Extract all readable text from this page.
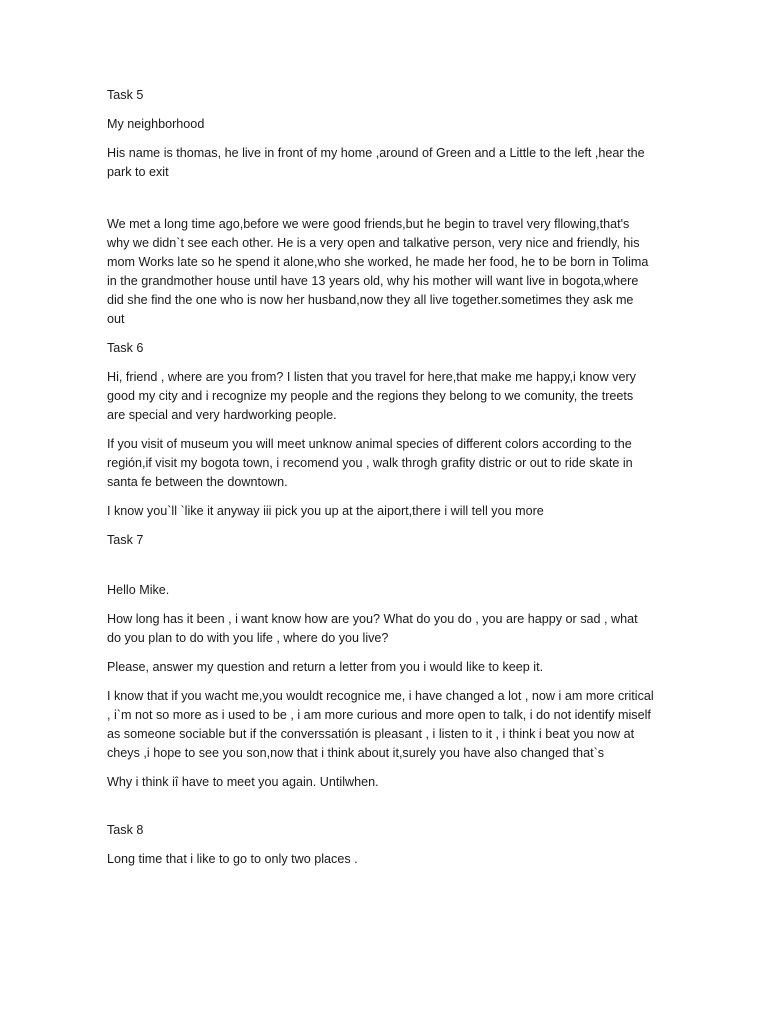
Task 5
My neighborhood
His name is thomas, he live in front of my home ,around of Green and a Little to the left ,hear the
park to exit
We met a long time ago,before we were good friends,but he begin to travel very fllowing,that's
why we didn`t see each other. He is a very open and talkative person, very nice and friendly, his
mom Works late so he spend it alone,who she worked, he made her food, he to be born in Tolima
in the grandmother house until have 13 years old, why his mother will want live in bogota,where
did she find the one who is now her husband,now they all live together.sometimes they ask me
out
Task 6
Hi, friend , where are you from? I listen that you travel for here,that make me happy,i know very
good my city and i recognize my people and the regions they belong to we comunity, the treets
are special and very hardworking people.
If you visit of museum you will meet unknow animal species of different colors according to the
región,if visit my bogota town, i recomend you , walk throgh grafity distric or out to ride skate in
santa fe between the downtown.
I know you`ll `like it anyway iii pick you up at the aiport,there i will tell you more
Task 7
Hello Mike.
How long has it been , i want know how are you? What do you do , you are happy or sad , what
do you plan to do with you life , where do you live?
Please, answer my question and return a letter from you i would like to keep it.
I know that if you wacht me,you wouldt recognice me, i have changed a lot , now i am more critical
, i`m not so more as i used to be , i am more curious and more open to talk, i do not identify miself
as someone sociable but if the converssatión is pleasant , i listen to it , i think i beat you now at
cheys ,i hope to see you son,now that i think about it,surely you have also changed that`s
Why i think iî have to meet you again. Untilwhen.
Task 8
Long time that i like to go to only two places .
